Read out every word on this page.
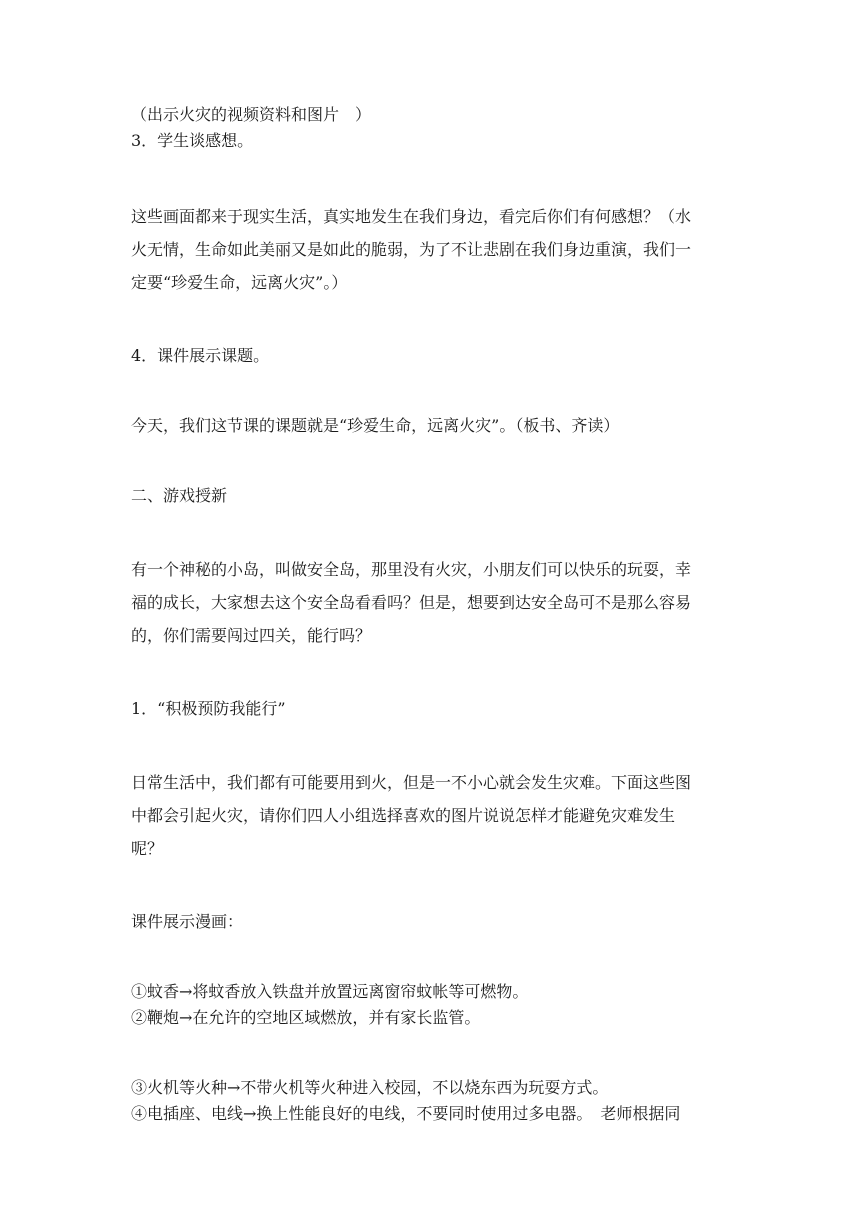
（出示火灾的视频资料和图片　）

3．学生谈感想。

这些画面都来于现实生活，真实地发生在我们身边，看完后你们有何感想？（水
火无情，生命如此美丽又是如此的脆弱，为了不让悲剧在我们身边重演，我们一
定要“珍爱生命，远离火灾”。）

4．课件展示课题。

今天，我们这节课的课题就是“珍爱生命，远离火灾”。（板书、齐读）

二、游戏授新

有一个神秘的小岛，叫做安全岛，那里没有火灾，小朋友们可以快乐的玩耍，幸
福的成长，大家想去这个安全岛看看吗？但是，想要到达安全岛可不是那么容易
的，你们需要闯过四关，能行吗？

1．“积极预防我能行”

日常生活中，我们都有可能要用到火，但是一不小心就会发生灾难。下面这些图
中都会引起火灾，请你们四人小组选择喜欢的图片说说怎样才能避免灾难发生
呢？

课件展示漫画：

①蚊香→将蚊香放入铁盘并放置远离窗帘蚊帐等可燃物。

②鞭炮→在允许的空地区域燃放，并有家长监管。

③火机等火种→不带火机等火种进入校园，不以烧东西为玩耍方式。

④电插座、电线→换上性能良好的电线，不要同时使用过多电器。　老师根据同
